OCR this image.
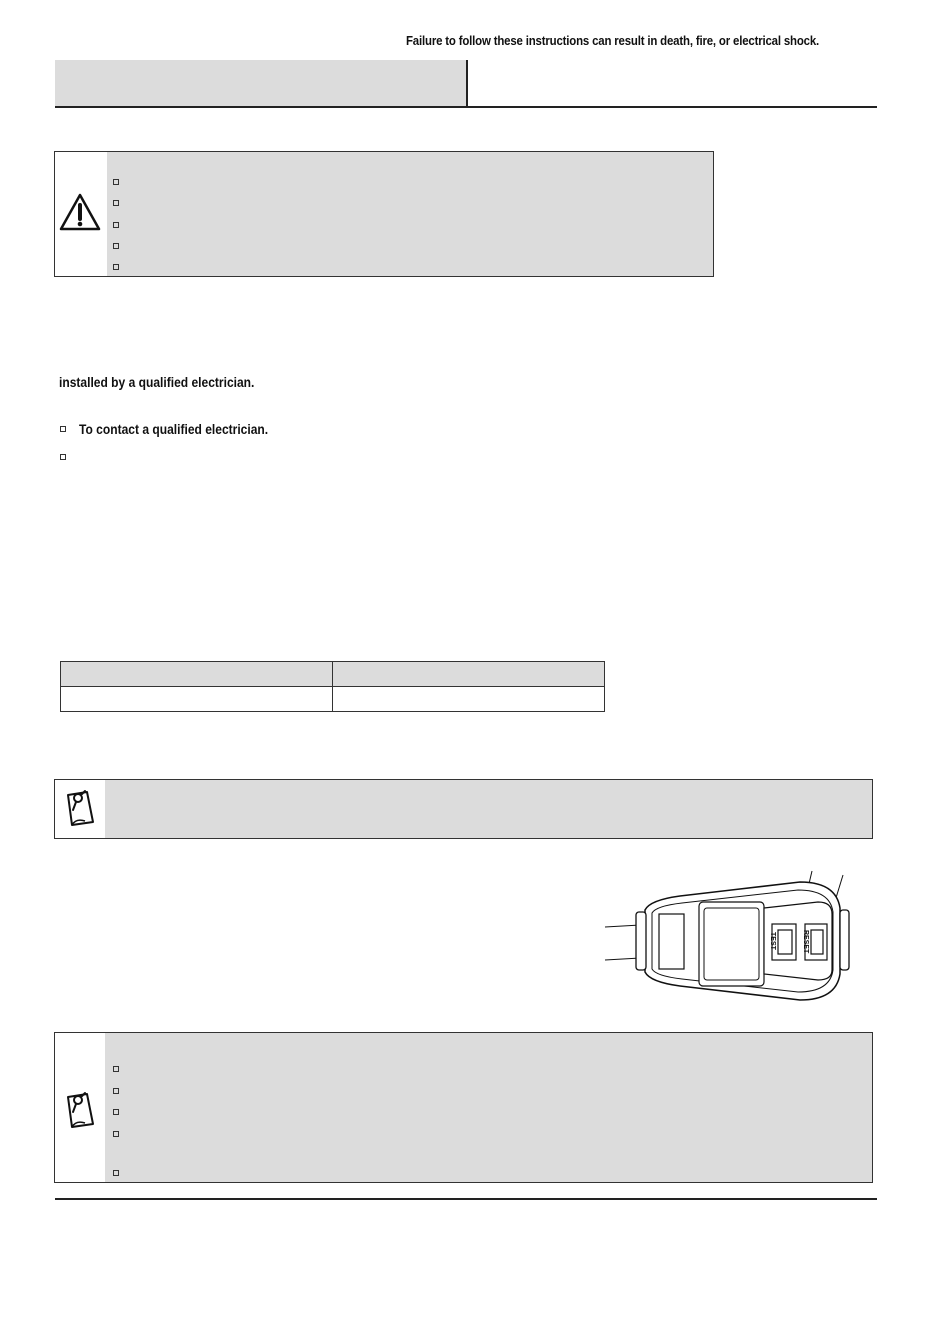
Failure to follow these instructions can result in death, fire, or electrical shock.
installed by a qualified electrician.
To contact a qualified electrician.
TEST	RESET
